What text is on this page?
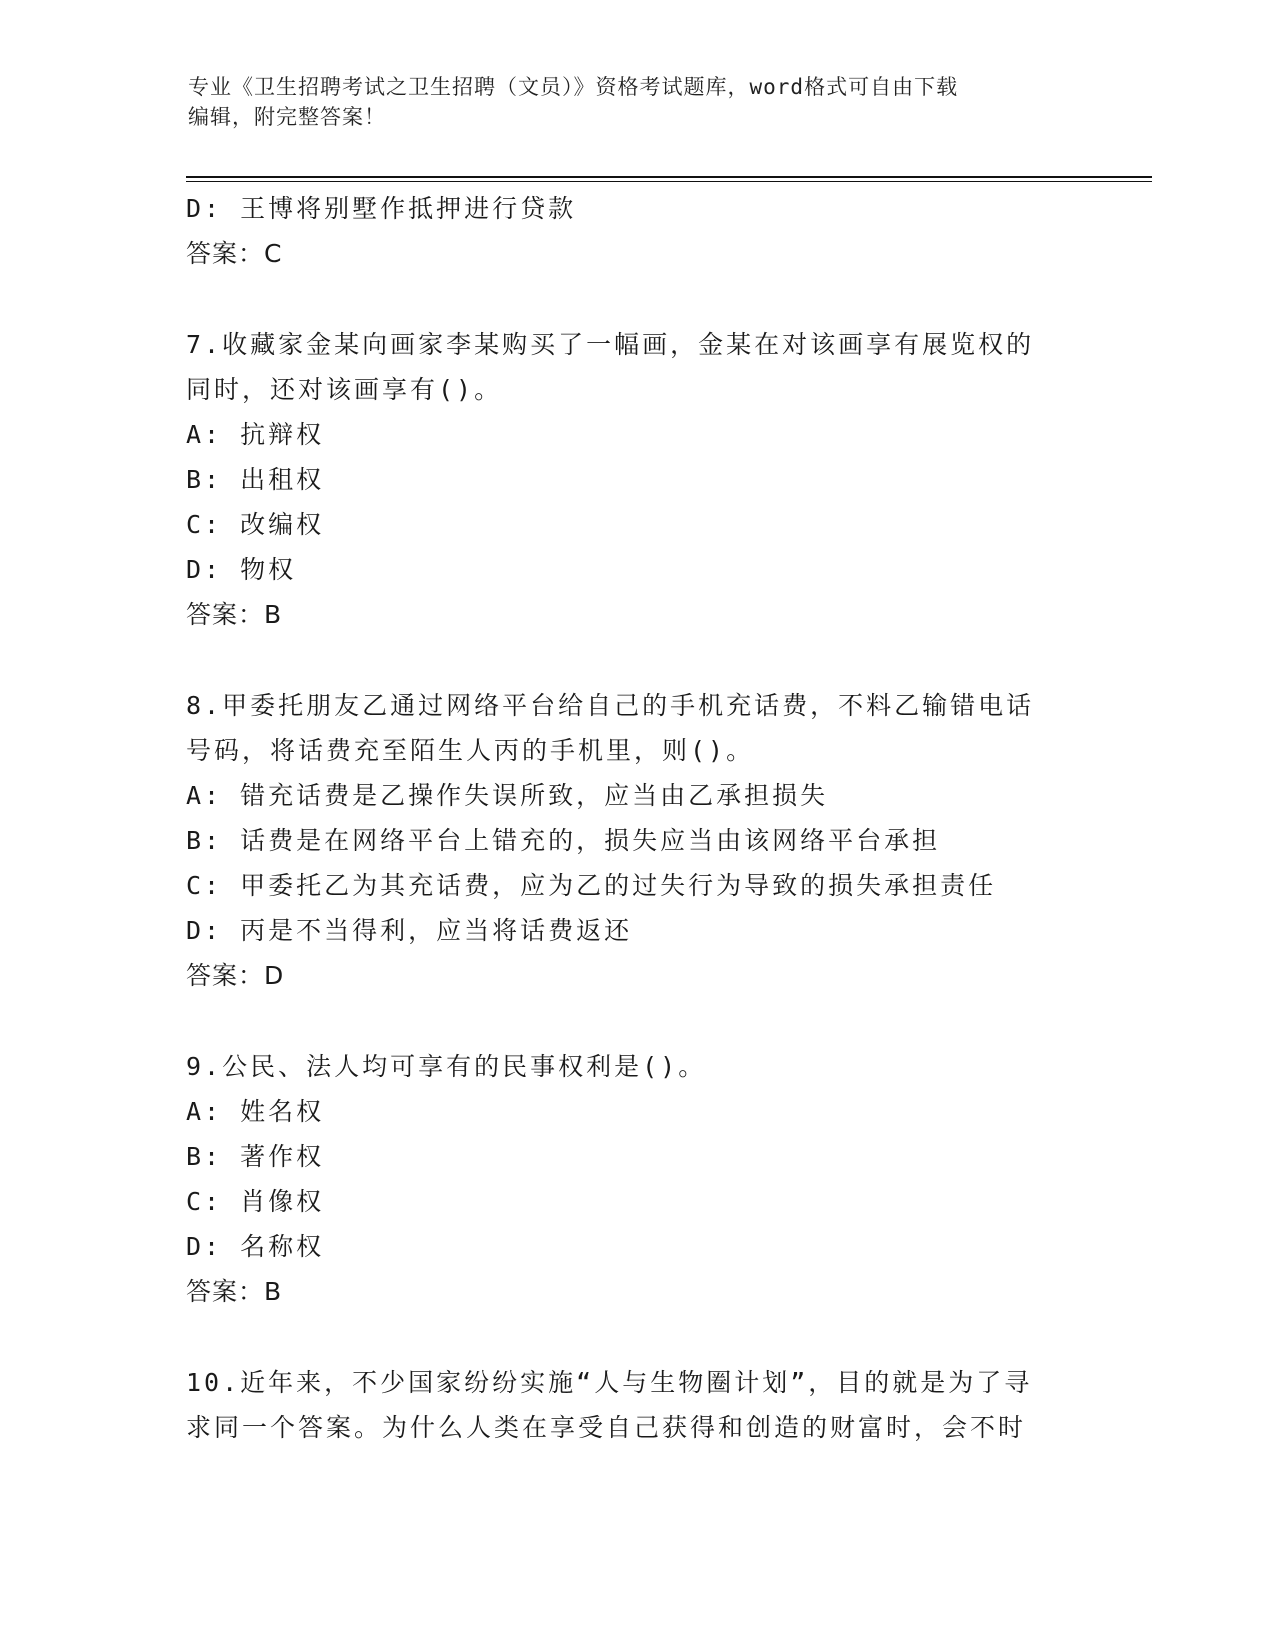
专业《卫生招聘考试之卫生招聘（文员）》资格考试题库，word格式可自由下载
编辑，附完整答案！
D: 王博将别墅作抵押进行贷款
答案：C
7.收藏家金某向画家李某购买了一幅画，金某在对该画享有展览权的
同时，还对该画享有()。
A: 抗辩权
B: 出租权
C: 改编权
D: 物权
答案：B
8.甲委托朋友乙通过网络平台给自己的手机充话费，不料乙输错电话
号码，将话费充至陌生人丙的手机里，则()。
A: 错充话费是乙操作失误所致，应当由乙承担损失
B: 话费是在网络平台上错充的，损失应当由该网络平台承担
C: 甲委托乙为其充话费，应为乙的过失行为导致的损失承担责任
D: 丙是不当得利，应当将话费返还
答案：D
9.公民、法人均可享有的民事权利是()。
A: 姓名权
B: 著作权
C: 肖像权
D: 名称权
答案：B
10.近年来，不少国家纷纷实施“人与生物圈计划”，目的就是为了寻
求同一个答案。为什么人类在享受自己获得和创造的财富时，会不时
